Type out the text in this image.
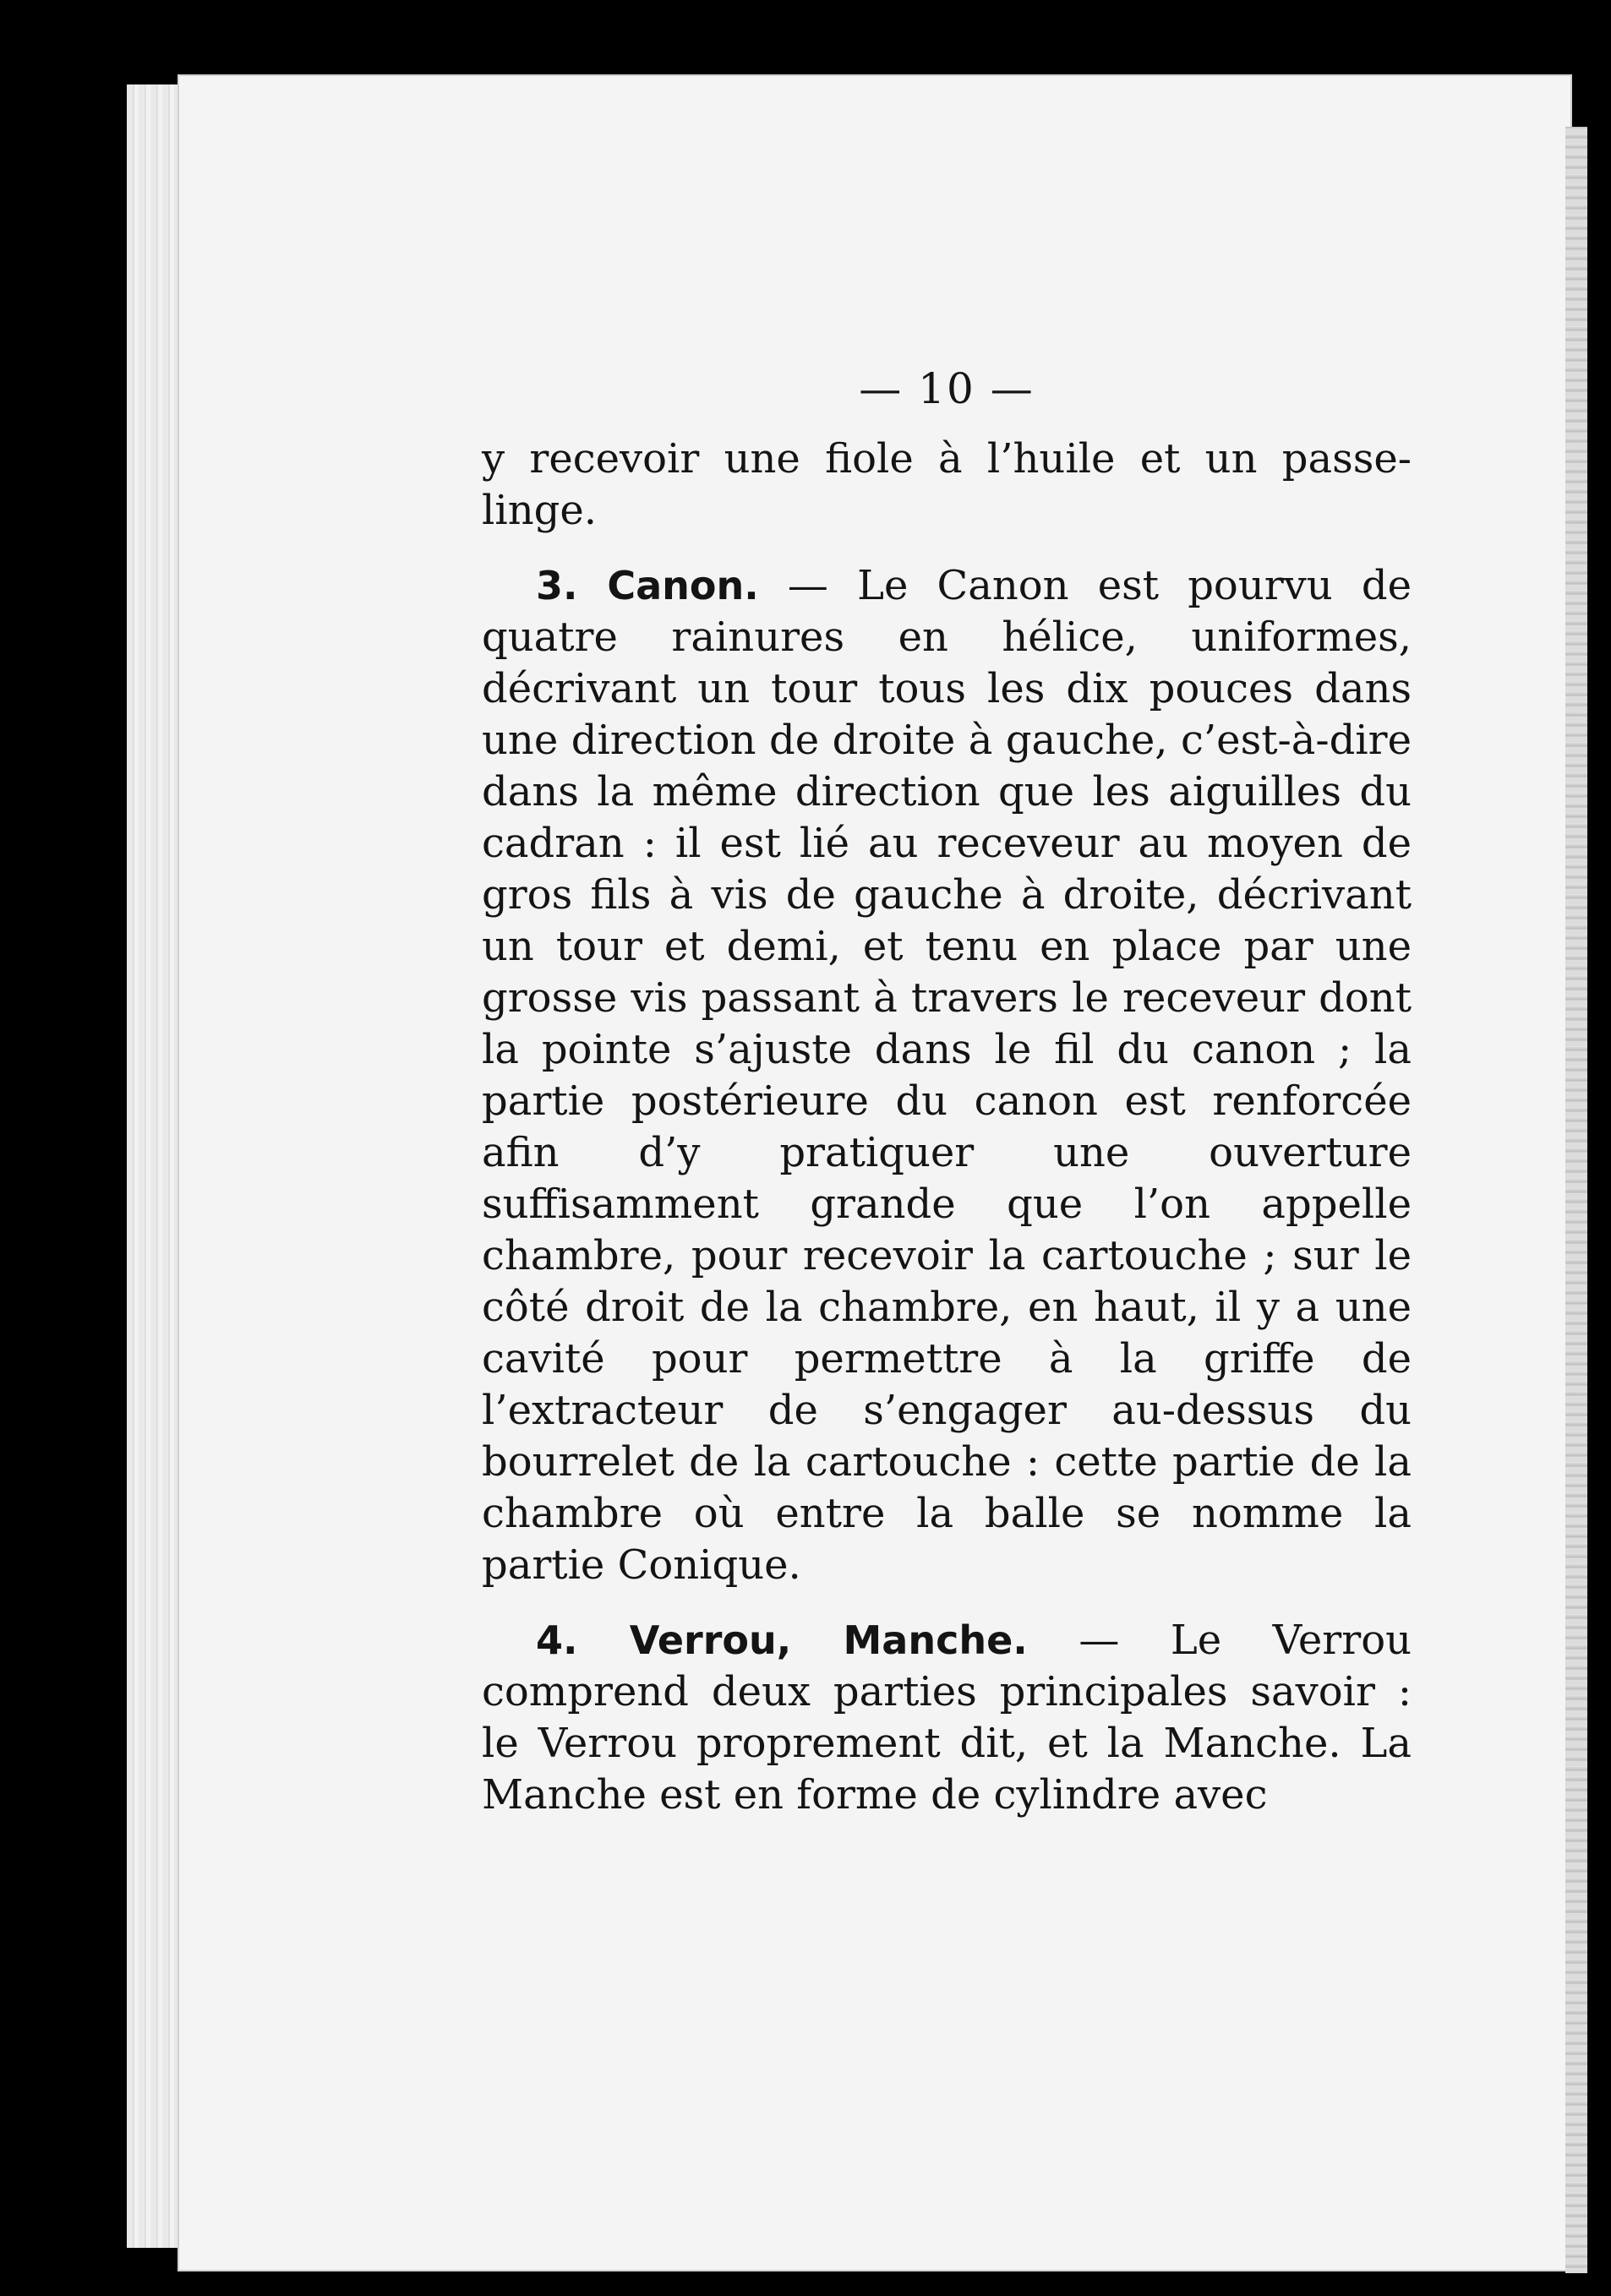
— 10 —

y recevoir une fiole à l’huile et un passe-linge.

3. Canon. — Le Canon est pourvu de quatre rainures en hélice, uniformes, décrivant un tour tous les dix pouces dans une direction de droite à gauche, c’est-à-dire dans la même direction que les aiguilles du cadran : il est lié au receveur au moyen de gros fils à vis de gauche à droite, décrivant un tour et demi, et tenu en place par une grosse vis passant à travers le receveur dont la pointe s’ajuste dans le fil du canon ; la partie postérieure du canon est renforcée afin d’y pratiquer une ouverture suffisamment grande que l’on appelle chambre, pour recevoir la cartouche ; sur le côté droit de la chambre, en haut, il y a une cavité pour permettre à la griffe de l’extracteur de s’engager au-dessus du bourrelet de la cartouche : cette partie de la chambre où entre la balle se nomme la partie Conique.

4. Verrou, Manche. — Le Verrou comprend deux parties principales savoir : le Verrou proprement dit, et la Manche. La Manche est en forme de cylindre avec
